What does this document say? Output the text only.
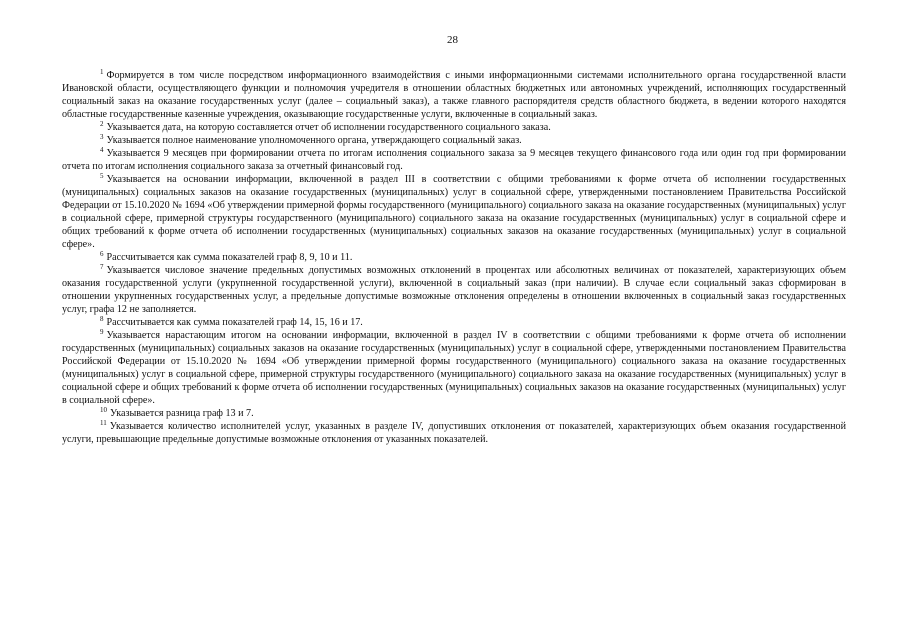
28

$^1$ Формируется в том числе посредством информационного взаимодействия с иными информационными системами исполнительного органа государственной власти Ивановской области, осуществляющего функции и полномочия учредителя в отношении областных бюджетных или автономных учреждений, исполняющих государственный социальный заказ на оказание государственных услуг (далее – социальный заказ), а также главного распорядителя средств областного бюджета, в ведении которого находятся областные государственные казенные учреждения, оказывающие государственные услуги, включенные в социальный заказ.

$^2$ Указывается дата, на которую составляется отчет об исполнении государственного социального заказа.

$^3$ Указывается полное наименование уполномоченного органа, утверждающего социальный заказ.

$^4$ Указывается 9 месяцев при формировании отчета по итогам исполнения социального заказа за 9 месяцев текущего финансового года или один год при формировании отчета по итогам исполнения социального заказа за отчетный финансовый год.

$^5$ Указывается на основании информации, включенной в раздел III в соответствии с общими требованиями к форме отчета об исполнении государственных (муниципальных) социальных заказов на оказание государственных (муниципальных) услуг в социальной сфере, утвержденными постановлением Правительства Российской Федерации от 15.10.2020 № 1694 «Об утверждении примерной формы государственного (муниципального) социального заказа на оказание государственных (муниципальных) услуг в социальной сфере, примерной структуры государственного (муниципального) социального заказа на оказание государственных (муниципальных) услуг в социальной сфере и общих требований к форме отчета об исполнении государственных (муниципальных) социальных заказов на оказание государственных (муниципальных) услуг в социальной сфере».

$^6$ Рассчитывается как сумма показателей граф 8, 9, 10 и 11.

$^7$ Указывается числовое значение предельных допустимых возможных отклонений в процентах или абсолютных величинах от показателей, характеризующих объем оказания государственной услуги (укрупненной государственной услуги), включенной в социальный заказ (при наличии). В случае если социальный заказ сформирован в отношении укрупненных государственных услуг, а предельные допустимые возможные отклонения определены в отношении включенных в социальный заказ государственных услуг, графа 12 не заполняется.

$^8$ Рассчитывается как сумма показателей граф 14, 15, 16 и 17.

$^9$ Указывается нарастающим итогом на основании информации, включенной в раздел IV в соответствии с общими требованиями к форме отчета об исполнении государственных (муниципальных) социальных заказов на оказание государственных (муниципальных) услуг в социальной сфере, утвержденными постановлением Правительства Российской Федерации от 15.10.2020 № 1694 «Об утверждении примерной формы государственного (муниципального) социального заказа на оказание государственных (муниципальных) услуг в социальной сфере, примерной структуры государственного (муниципального) социального заказа на оказание государственных (муниципальных) услуг в социальной сфере и общих требований к форме отчета об исполнении государственных (муниципальных) социальных заказов на оказание государственных (муниципальных) услуг в социальной сфере».

$^{10}$ Указывается разница граф 13 и 7.

$^{11}$ Указывается количество исполнителей услуг, указанных в разделе IV, допустивших отклонения от показателей, характеризующих объем оказания государственной услуги, превышающие предельные допустимые возможные отклонения от указанных показателей.
